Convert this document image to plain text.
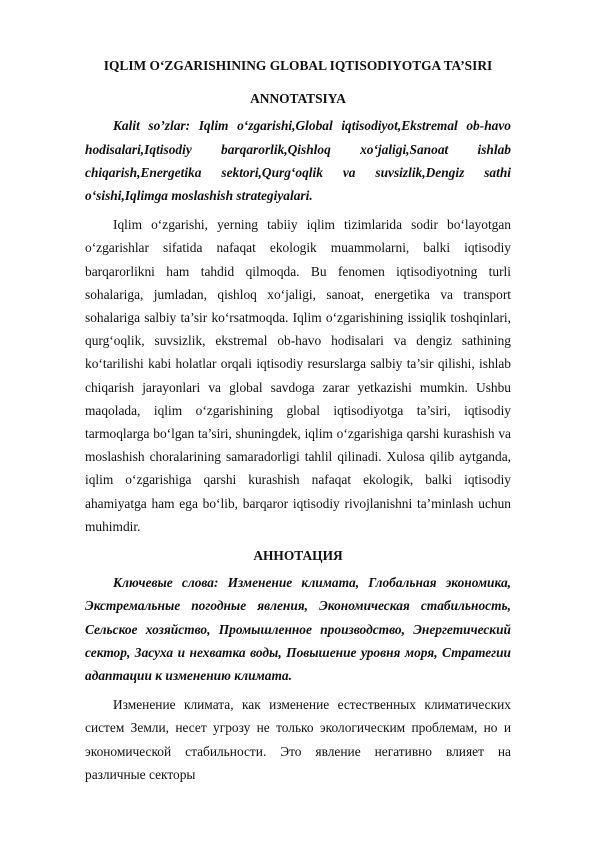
IQLIM O‘ZGARISHINING GLOBAL IQTISODIYOTGA TA’SIRI

ANNOTATSIYA

Kalit so’zlar: Iqlim o‘zgarishi,Global iqtisodiyot,Ekstremal ob-havo hodisalari,Iqtisodiy barqarorlik,Qishloq xo‘jaligi,Sanoat ishlab chiqarish,Energetika sektori,Qurg‘oqlik va suvsizlik,Dengiz sathi o‘sishi,Iqlimga moslashish strategiyalari.

Iqlim o‘zgarishi, yerning tabiiy iqlim tizimlarida sodir bo‘layotgan o‘zgarishlar sifatida nafaqat ekologik muammolarni, balki iqtisodiy barqarorlikni ham tahdid qilmoqda. Bu fenomen iqtisodiyotning turli sohalariga, jumladan, qishloq xo‘jaligi, sanoat, energetika va transport sohalariga salbiy ta’sir ko‘rsatmoqda. Iqlim o‘zgarishining issiqlik toshqinlari, qurg‘oqlik, suvsizlik, ekstremal ob-havo hodisalari va dengiz sathining ko‘tarilishi kabi holatlar orqali iqtisodiy resurslarga salbiy ta’sir qilishi, ishlab chiqarish jarayonlari va global savdoga zarar yetkazishi mumkin. Ushbu maqolada, iqlim o‘zgarishining global iqtisodiyotga ta’siri, iqtisodiy tarmoqlarga bo‘lgan ta’siri, shuningdek, iqlim o‘zgarishiga qarshi kurashish va moslashish choralarining samaradorligi tahlil qilinadi. Xulosa qilib aytganda, iqlim o‘zgarishiga qarshi kurashish nafaqat ekologik, balki iqtisodiy ahamiyatga ham ega bo‘lib, barqaror iqtisodiy rivojlanishni ta’minlash uchun muhimdir.

АННОТАЦИЯ

Ключевые слова: Изменение климата, Глобальная экономика, Экстремальные погодные явления, Экономическая стабильность, Сельское хозяйство, Промышленное производство, Энергетический сектор, Засуха и нехватка воды, Повышение уровня моря, Стратегии адаптации к изменению климата.

Изменение климата, как изменение естественных климатических систем Земли, несет угрозу не только экологическим проблемам, но и экономической стабильности. Это явление негативно влияет на различные секторы
